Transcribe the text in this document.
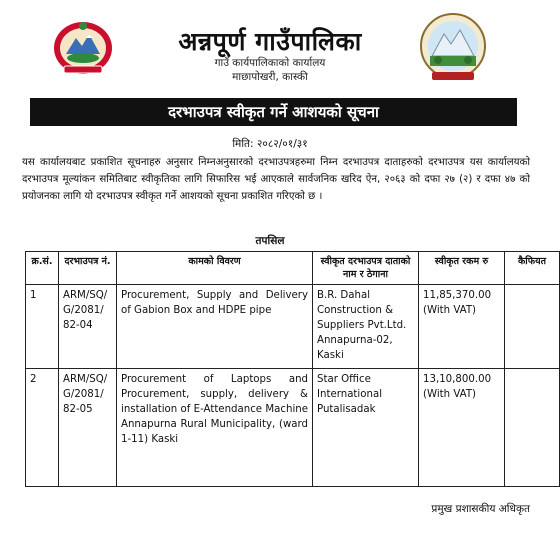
अन्नपूर्ण गाउँपालिका
गाउँ कार्यपालिकाको कार्यालय
माछापोखरी, कास्की
दरभाउपत्र स्वीकृत गर्ने आशयको सूचना
मिति: २०८२/०१/३१
यस कार्यालयबाट प्रकाशित सूचनाहरु अनुसार निम्नअनुसारको दरभाउपत्रहरुमा निम्न दरभाउपत्र दाताहरुको दरभाउपत्र यस कार्यालयको दरभाउपत्र मूल्यांकन समितिबाट स्वीकृतिका लागि सिफारिस भई आएकाले सार्वजनिक खरिद ऐन, २०६३ को दफा २७ (२) र दफा ४७ को प्रयोजनका लागि यो दरभाउपत्र स्वीकृत गर्ने आशयको सूचना प्रकाशित गरिएको छ ।
तपसिल
क्र.सं.	दरभाउपत्र नं.	कामको विवरण	स्वीकृत दरभाउपत्र दाताको नाम र ठेगाना	स्वीकृत रकम रु	कैफियत
1	ARM/SQ/ G/2081/ 82-04	Procurement, Supply and Delivery of Gabion Box and HDPE pipe	B.R. Dahal Construction & Suppliers Pvt.Ltd. Annapurna-02, Kaski	11,85,370.00 (With VAT)	
2	ARM/SQ/ G/2081/ 82-05	Procurement of Laptops and Procurement, supply, delivery & installation of E-Attendance Machine Annapurna Rural Municipality, (ward 1-11) Kaski	Star Office International Putalisadak	13,10,800.00 (With VAT)	
प्रमुख प्रशासकीय अधिकृत
